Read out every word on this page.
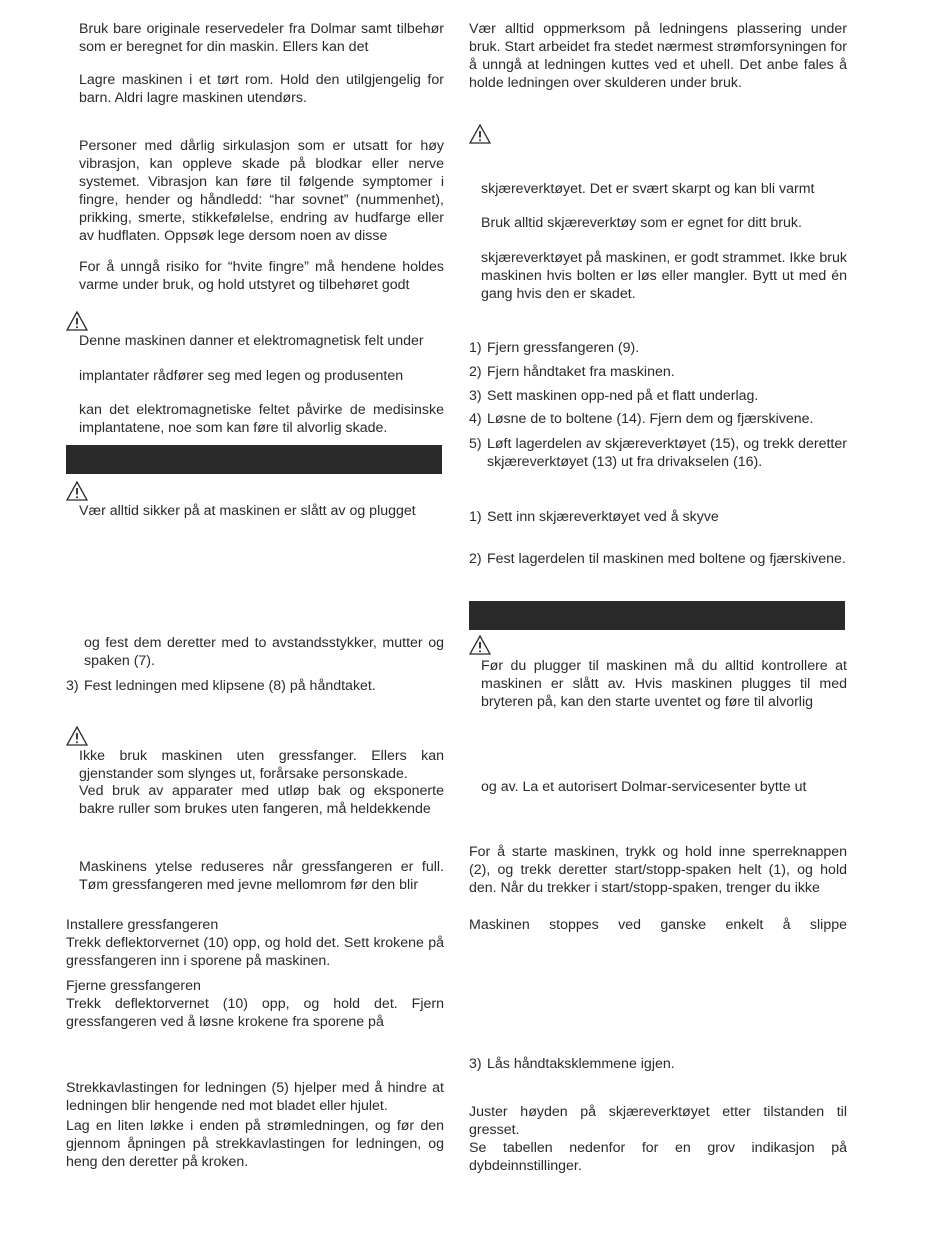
Bruk bare originale reservedeler fra Dolmar samt tilbehør som er beregnet for din maskin. Ellers kan det

Lagre maskinen i et tørt rom. Hold den utilgjengelig for barn. Aldri lagre maskinen utendørs.

Personer med dårlig sirkulasjon som er utsatt for høy vibrasjon, kan oppleve skade på blodkar eller nerve systemet. Vibrasjon kan føre til følgende symptomer i fingre, hender og håndledd: “har sovnet” (nummenhet), prikking, smerte, stikkefølelse, endring av hudfarge eller av hudflaten. Oppsøk lege dersom noen av disse

For å unngå risiko for “hvite fingre” må hendene holdes varme under bruk, og hold utstyret og tilbehøret godt

Denne maskinen danner et elektromagnetisk felt under

implantater rådfører seg med legen og produsenten

kan det elektromagnetiske feltet påvirke de medisinske implantatene, noe som kan føre til alvorlig skade.

Vær alltid sikker på at maskinen er slått av og plugget

og fest dem deretter med to avstandsstykker, mutter og spaken (7).

3) Fest ledningen med klipsene (8) på håndtaket.

Ikke bruk maskinen uten gressfanger. Ellers kan gjenstander som slynges ut, forårsake personskade.

Ved bruk av apparater med utløp bak og eksponerte bakre ruller som brukes uten fangeren, må heldekkende

Maskinens ytelse reduseres når gressfangeren er full. Tøm gressfangeren med jevne mellomrom før den blir

Installere gressfangeren

Trekk deflektorvernet (10) opp, og hold det. Sett krokene på gressfangeren inn i sporene på maskinen.

Fjerne gressfangeren

Trekk deflektorvernet (10) opp, og hold det. Fjern gressfangeren ved å løsne krokene fra sporene på

Strekkavlastingen for ledningen (5) hjelper med å hindre at ledningen blir hengende ned mot bladet eller hjulet.

Lag en liten løkke i enden på strømledningen, og før den gjennom åpningen på strekkavlastingen for ledningen, og heng den deretter på kroken.

Vær alltid oppmerksom på ledningens plassering under bruk. Start arbeidet fra stedet nærmest strømforsyningen for å unngå at ledningen kuttes ved et uhell. Det anbe fales å holde ledningen over skulderen under bruk.

skjæreverktøyet. Det er svært skarpt og kan bli varmt

Bruk alltid skjæreverktøy som er egnet for ditt bruk.

skjæreverktøyet på maskinen, er godt strammet. Ikke bruk maskinen hvis bolten er løs eller mangler. Bytt ut med én gang hvis den er skadet.

1) Fjern gressfangeren (9).
2) Fjern håndtaket fra maskinen.
3) Sett maskinen opp-ned på et flatt underlag.
4) Løsne de to boltene (14). Fjern dem og fjærskivene.
5) Løft lagerdelen av skjæreverktøyet (15), og trekk deretter skjæreverktøyet (13) ut fra drivakselen (16).
1) Sett inn skjæreverktøyet ved å skyve
2) Fest lagerdelen til maskinen med boltene og fjærskivene.

Før du plugger til maskinen må du alltid kontrollere at maskinen er slått av. Hvis maskinen plugges til med bryteren på, kan den starte uventet og føre til alvorlig

og av. La et autorisert Dolmar-servicesenter bytte ut

For å starte maskinen, trykk og hold inne sperreknappen (2), og trekk deretter start/stopp-spaken helt (1), og hold den. Når du trekker i start/stopp-spaken, trenger du ikke

Maskinen stoppes ved ganske enkelt å slippe

3) Lås håndtaksklemmene igjen.

Juster høyden på skjæreverktøyet etter tilstanden til gresset.

Se tabellen nedenfor for en grov indikasjon på dybdeinnstillinger.
